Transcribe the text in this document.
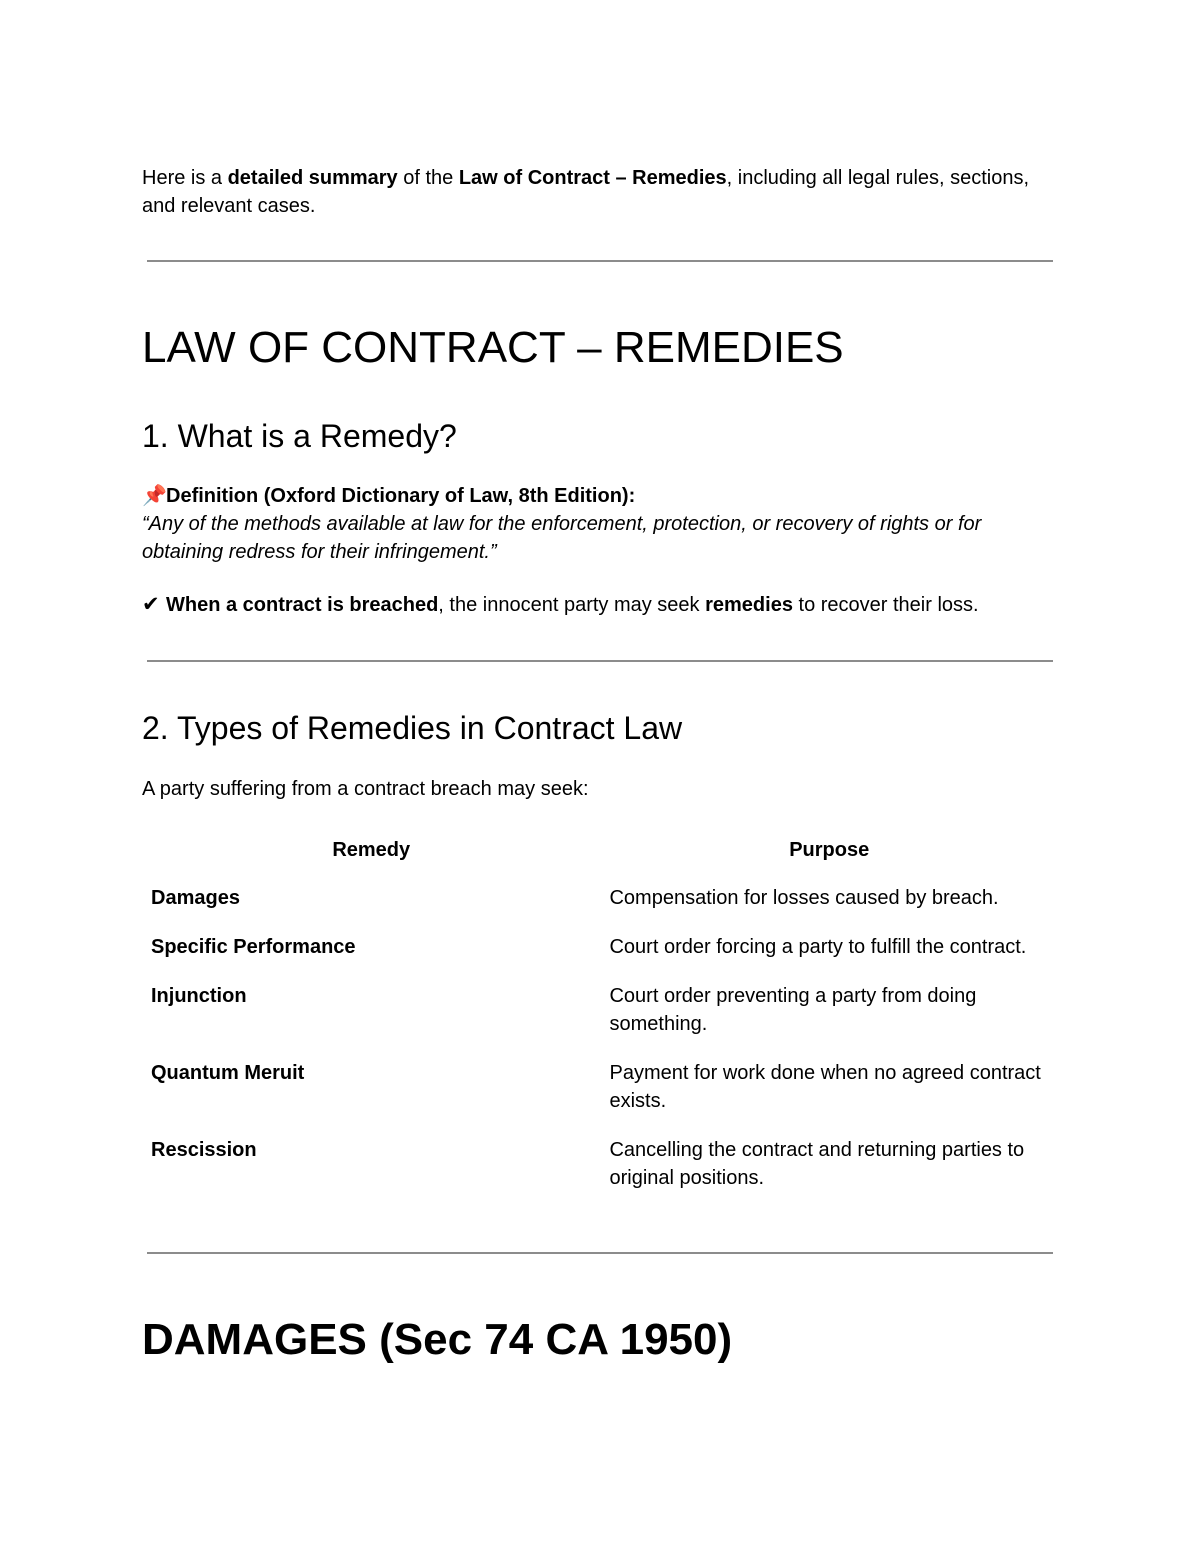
Here is a detailed summary of the Law of Contract – Remedies, including all legal rules, sections, and relevant cases.

LAW OF CONTRACT – REMEDIES
1. What is a Remedy?
📌Definition (Oxford Dictionary of Law, 8th Edition):
“Any of the methods available at law for the enforcement, protection, or recovery of rights or for obtaining redress for their infringement.”

✔ When a contract is breached, the innocent party may seek remedies to recover their loss.

2. Types of Remedies in Contract Law

A party suffering from a contract breach may seek:

Remedy	Purpose
Damages	Compensation for losses caused by breach.
Specific Performance	Court order forcing a party to fulfill the contract.
Injunction	Court order preventing a party from doing something.
Quantum Meruit	Payment for work done when no agreed contract exists.
Rescission	Cancelling the contract and returning parties to original positions.
DAMAGES (Sec 74 CA 1950)
